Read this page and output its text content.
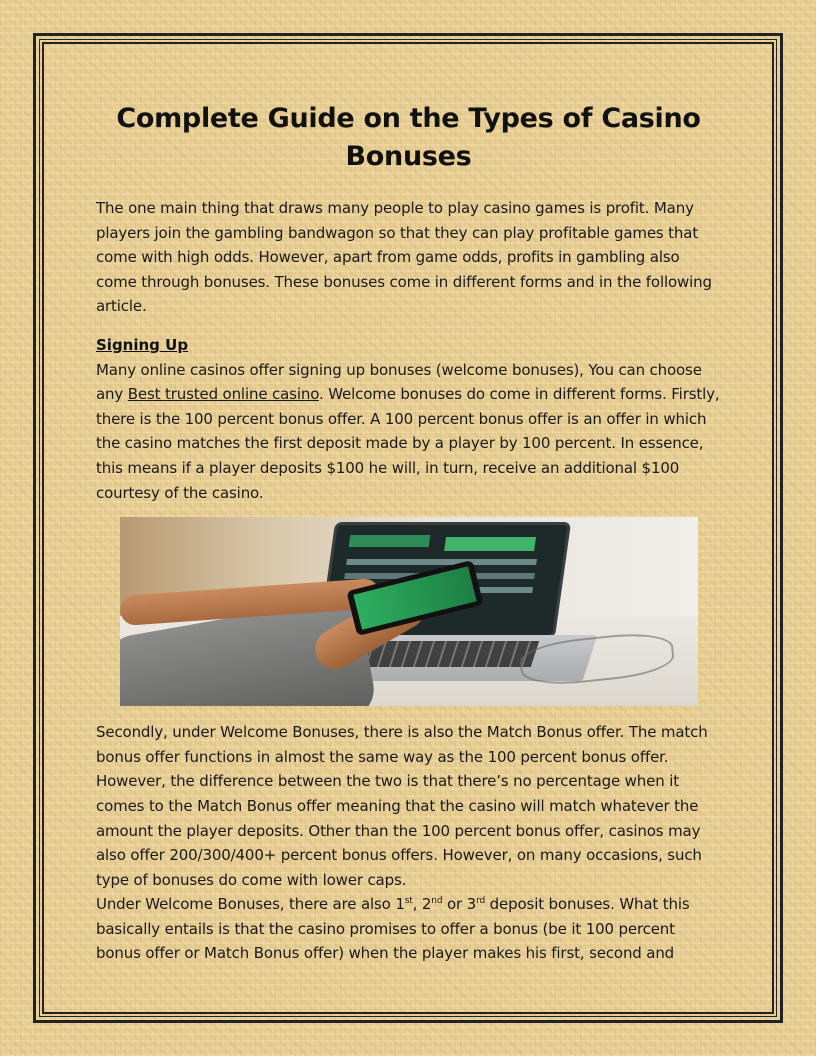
Complete Guide on the Types of Casino Bonuses

The one main thing that draws many people to play casino games is profit. Many players join the gambling bandwagon so that they can play profitable games that come with high odds. However, apart from game odds, profits in gambling also come through bonuses. These bonuses come in different forms and in the following article.

Signing Up

Many online casinos offer signing up bonuses (welcome bonuses), You can choose any Best trusted online casino. Welcome bonuses do come in different forms. Firstly, there is the 100 percent bonus offer. A 100 percent bonus offer is an offer in which the casino matches the first deposit made by a player by 100 percent. In essence, this means if a player deposits $100 he will, in turn, receive an additional $100 courtesy of the casino.

Secondly, under Welcome Bonuses, there is also the Match Bonus offer. The match bonus offer functions in almost the same way as the 100 percent bonus offer. However, the difference between the two is that there’s no percentage when it comes to the Match Bonus offer meaning that the casino will match whatever the amount the player deposits. Other than the 100 percent bonus offer, casinos may also offer 200/300/400+ percent bonus offers. However, on many occasions, such type of bonuses do come with lower caps.

Under Welcome Bonuses, there are also 1st, 2nd or 3rd deposit bonuses. What this basically entails is that the casino promises to offer a bonus (be it 100 percent bonus offer or Match Bonus offer) when the player makes his first, second and
